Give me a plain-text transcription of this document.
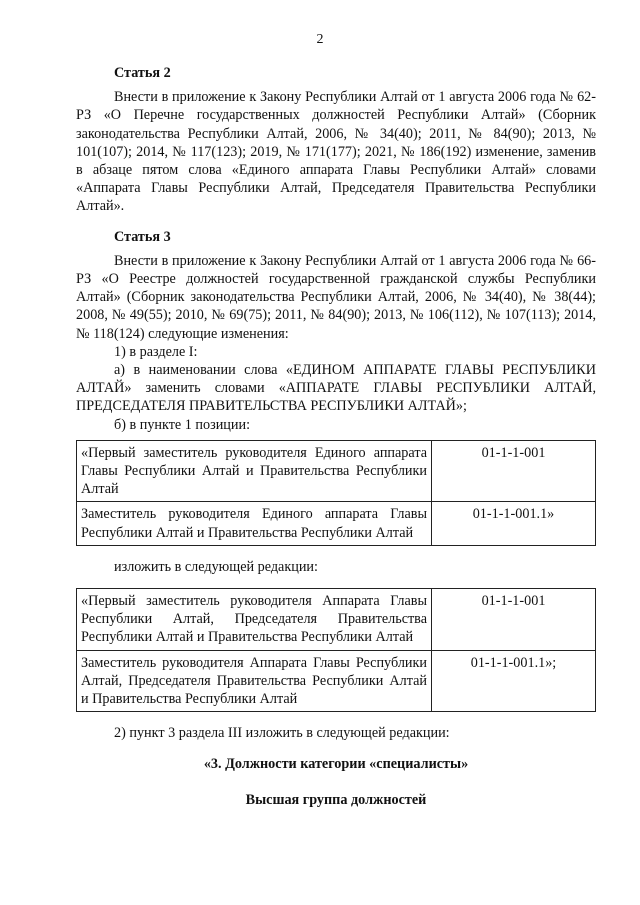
2
Статья 2

Внести в приложение к Закону Республики Алтай от 1 августа 2006 года № 62-РЗ «О Перечне государственных должностей Республики Алтай» (Сборник законодательства Республики Алтай, 2006, № 34(40); 2011, № 84(90); 2013, № 101(107); 2014, № 117(123); 2019, № 171(177); 2021, № 186(192) изменение, заменив в абзаце пятом слова «Единого аппарата Главы Республики Алтай» словами «Аппарата Главы Республики Алтай, Председателя Правительства Республики Алтай».

Статья 3

Внести в приложение к Закону Республики Алтай от 1 августа 2006 года № 66-РЗ «О Реестре должностей государственной гражданской службы Республики Алтай» (Сборник законодательства Республики Алтай, 2006, № 34(40), № 38(44); 2008, № 49(55); 2010, № 69(75); 2011, № 84(90); 2013, № 106(112), № 107(113); 2014, № 118(124) следующие изменения:

1) в разделе I:

а) в наименовании слова «ЕДИНОМ АППАРАТЕ ГЛАВЫ РЕСПУБЛИКИ АЛТАЙ» заменить словами «АППАРАТЕ ГЛАВЫ РЕСПУБЛИКИ АЛТАЙ, ПРЕДСЕДАТЕЛЯ ПРАВИТЕЛЬСТВА РЕСПУБЛИКИ АЛТАЙ»;

б) в пункте 1 позиции:

«Первый заместитель руководителя Единого аппарата Главы Республики Алтай и Правительства Республики Алтай	01-1-1-001
Заместитель руководителя Единого аппарата Главы Республики Алтай и Правительства Республики Алтай	01-1-1-001.1»

изложить в следующей редакции:

«Первый заместитель руководителя Аппарата Главы Республики Алтай, Председателя Правительства Республики Алтай и Правительства Республики Алтай	01-1-1-001
Заместитель руководителя Аппарата Главы Республики Алтай, Председателя Правительства Республики Алтай и Правительства Республики Алтай	01-1-1-001.1»;

2) пункт 3 раздела III изложить в следующей редакции:

«3. Должности категории «специалисты»

Высшая группа должностей
